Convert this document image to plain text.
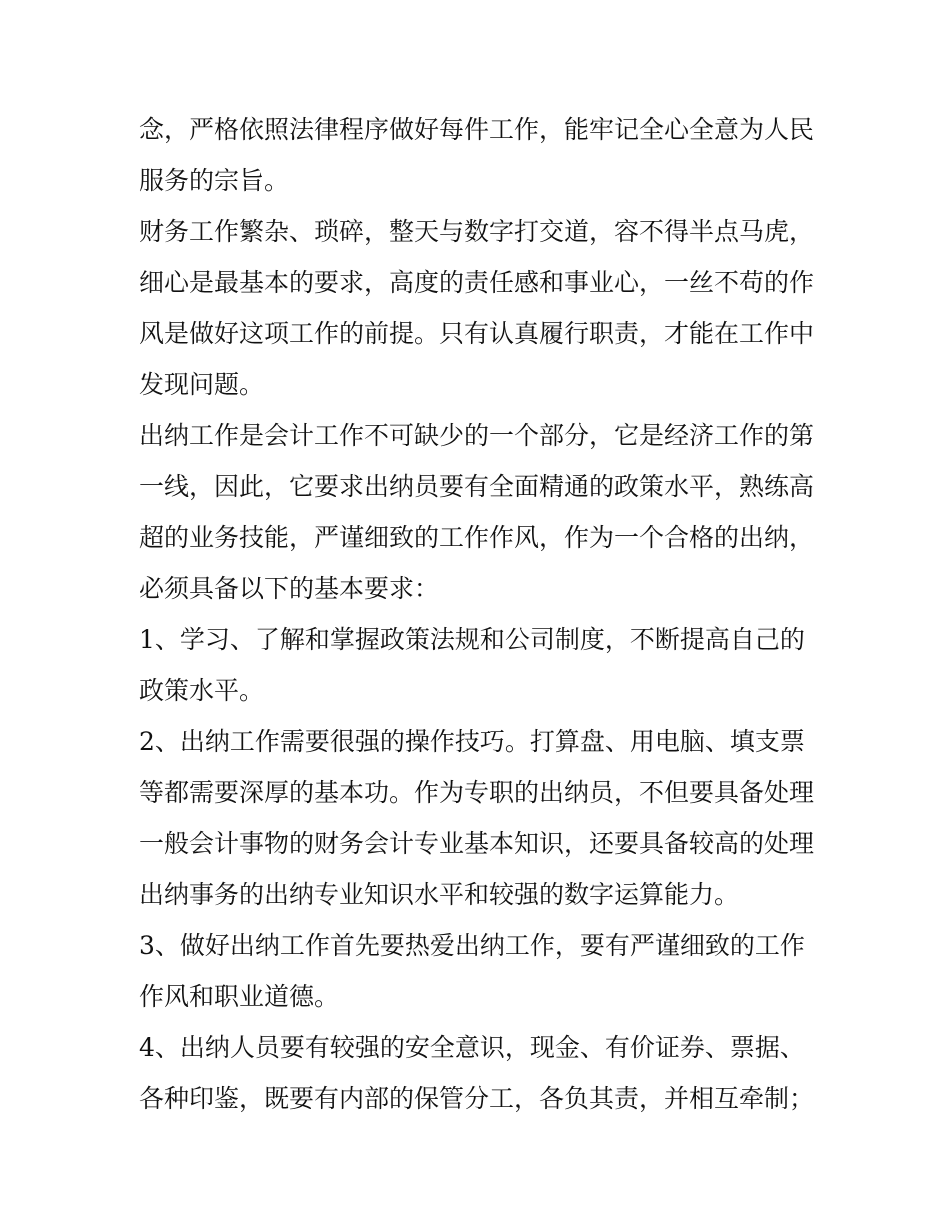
念，严格依照法律程序做好每件工作，能牢记全心全意为人民
服务的宗旨。
财务工作繁杂、琐碎，整天与数字打交道，容不得半点马虎，
细心是最基本的要求，高度的责任感和事业心，一丝不苟的作
风是做好这项工作的前提。只有认真履行职责，才能在工作中
发现问题。
出纳工作是会计工作不可缺少的一个部分，它是经济工作的第
一线，因此，它要求出纳员要有全面精通的政策水平，熟练高
超的业务技能，严谨细致的工作作风，作为一个合格的出纳，
必须具备以下的基本要求：
1、学习、了解和掌握政策法规和公司制度，不断提高自己的
政策水平。
2、出纳工作需要很强的操作技巧。打算盘、用电脑、填支票
等都需要深厚的基本功。作为专职的出纳员，不但要具备处理
一般会计事物的财务会计专业基本知识，还要具备较高的处理
出纳事务的出纳专业知识水平和较强的数字运算能力。
3、做好出纳工作首先要热爱出纳工作，要有严谨细致的工作
作风和职业道德。
4、出纳人员要有较强的安全意识，现金、有价证券、票据、
各种印鉴，既要有内部的保管分工，各负其责，并相互牵制；
